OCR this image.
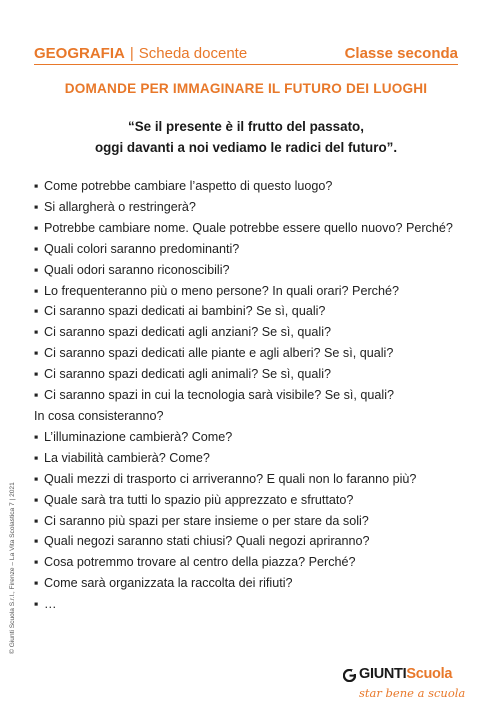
GEOGRAFIA | Scheda docente	Classe seconda
DOMANDE PER IMMAGINARE IL FUTURO DEI LUOGHI
“Se il presente è il frutto del passato,
oggi davanti a noi vediamo le radici del futuro”.
▪ Come potrebbe cambiare l’aspetto di questo luogo?
▪ Si allargherà o restringerà?
▪ Potrebbe cambiare nome. Quale potrebbe essere quello nuovo? Perché?
▪ Quali colori saranno predominanti?
▪ Quali odori saranno riconoscibili?
▪ Lo frequenteranno più o meno persone? In quali orari? Perché?
▪ Ci saranno spazi dedicati ai bambini? Se sì, quali?
▪ Ci saranno spazi dedicati agli anziani? Se sì, quali?
▪ Ci saranno spazi dedicati alle piante e agli alberi? Se sì, quali?
▪ Ci saranno spazi dedicati agli animali? Se sì, quali?
▪ Ci saranno spazi in cui la tecnologia sarà visibile? Se sì, quali?
In cosa consisteranno?
▪ L’illuminazione cambierà? Come?
▪ La viabilità cambierà? Come?
▪ Quali mezzi di trasporto ci arriveranno? E quali non lo faranno più?
▪ Quale sarà tra tutti lo spazio più apprezzato e sfruttato?
▪ Ci saranno più spazi per stare insieme o per stare da soli?
▪ Quali negozi saranno stati chiusi? Quali negozi apriranno?
▪ Cosa potremmo trovare al centro della piazza? Perché?
▪ Come sarà organizzata la raccolta dei rifiuti?
▪ …
© Giunti Scuola S.r.l., Firenze – La Vita Scolastica 7 | 2021
GIUNTIScuola
star bene a scuola
